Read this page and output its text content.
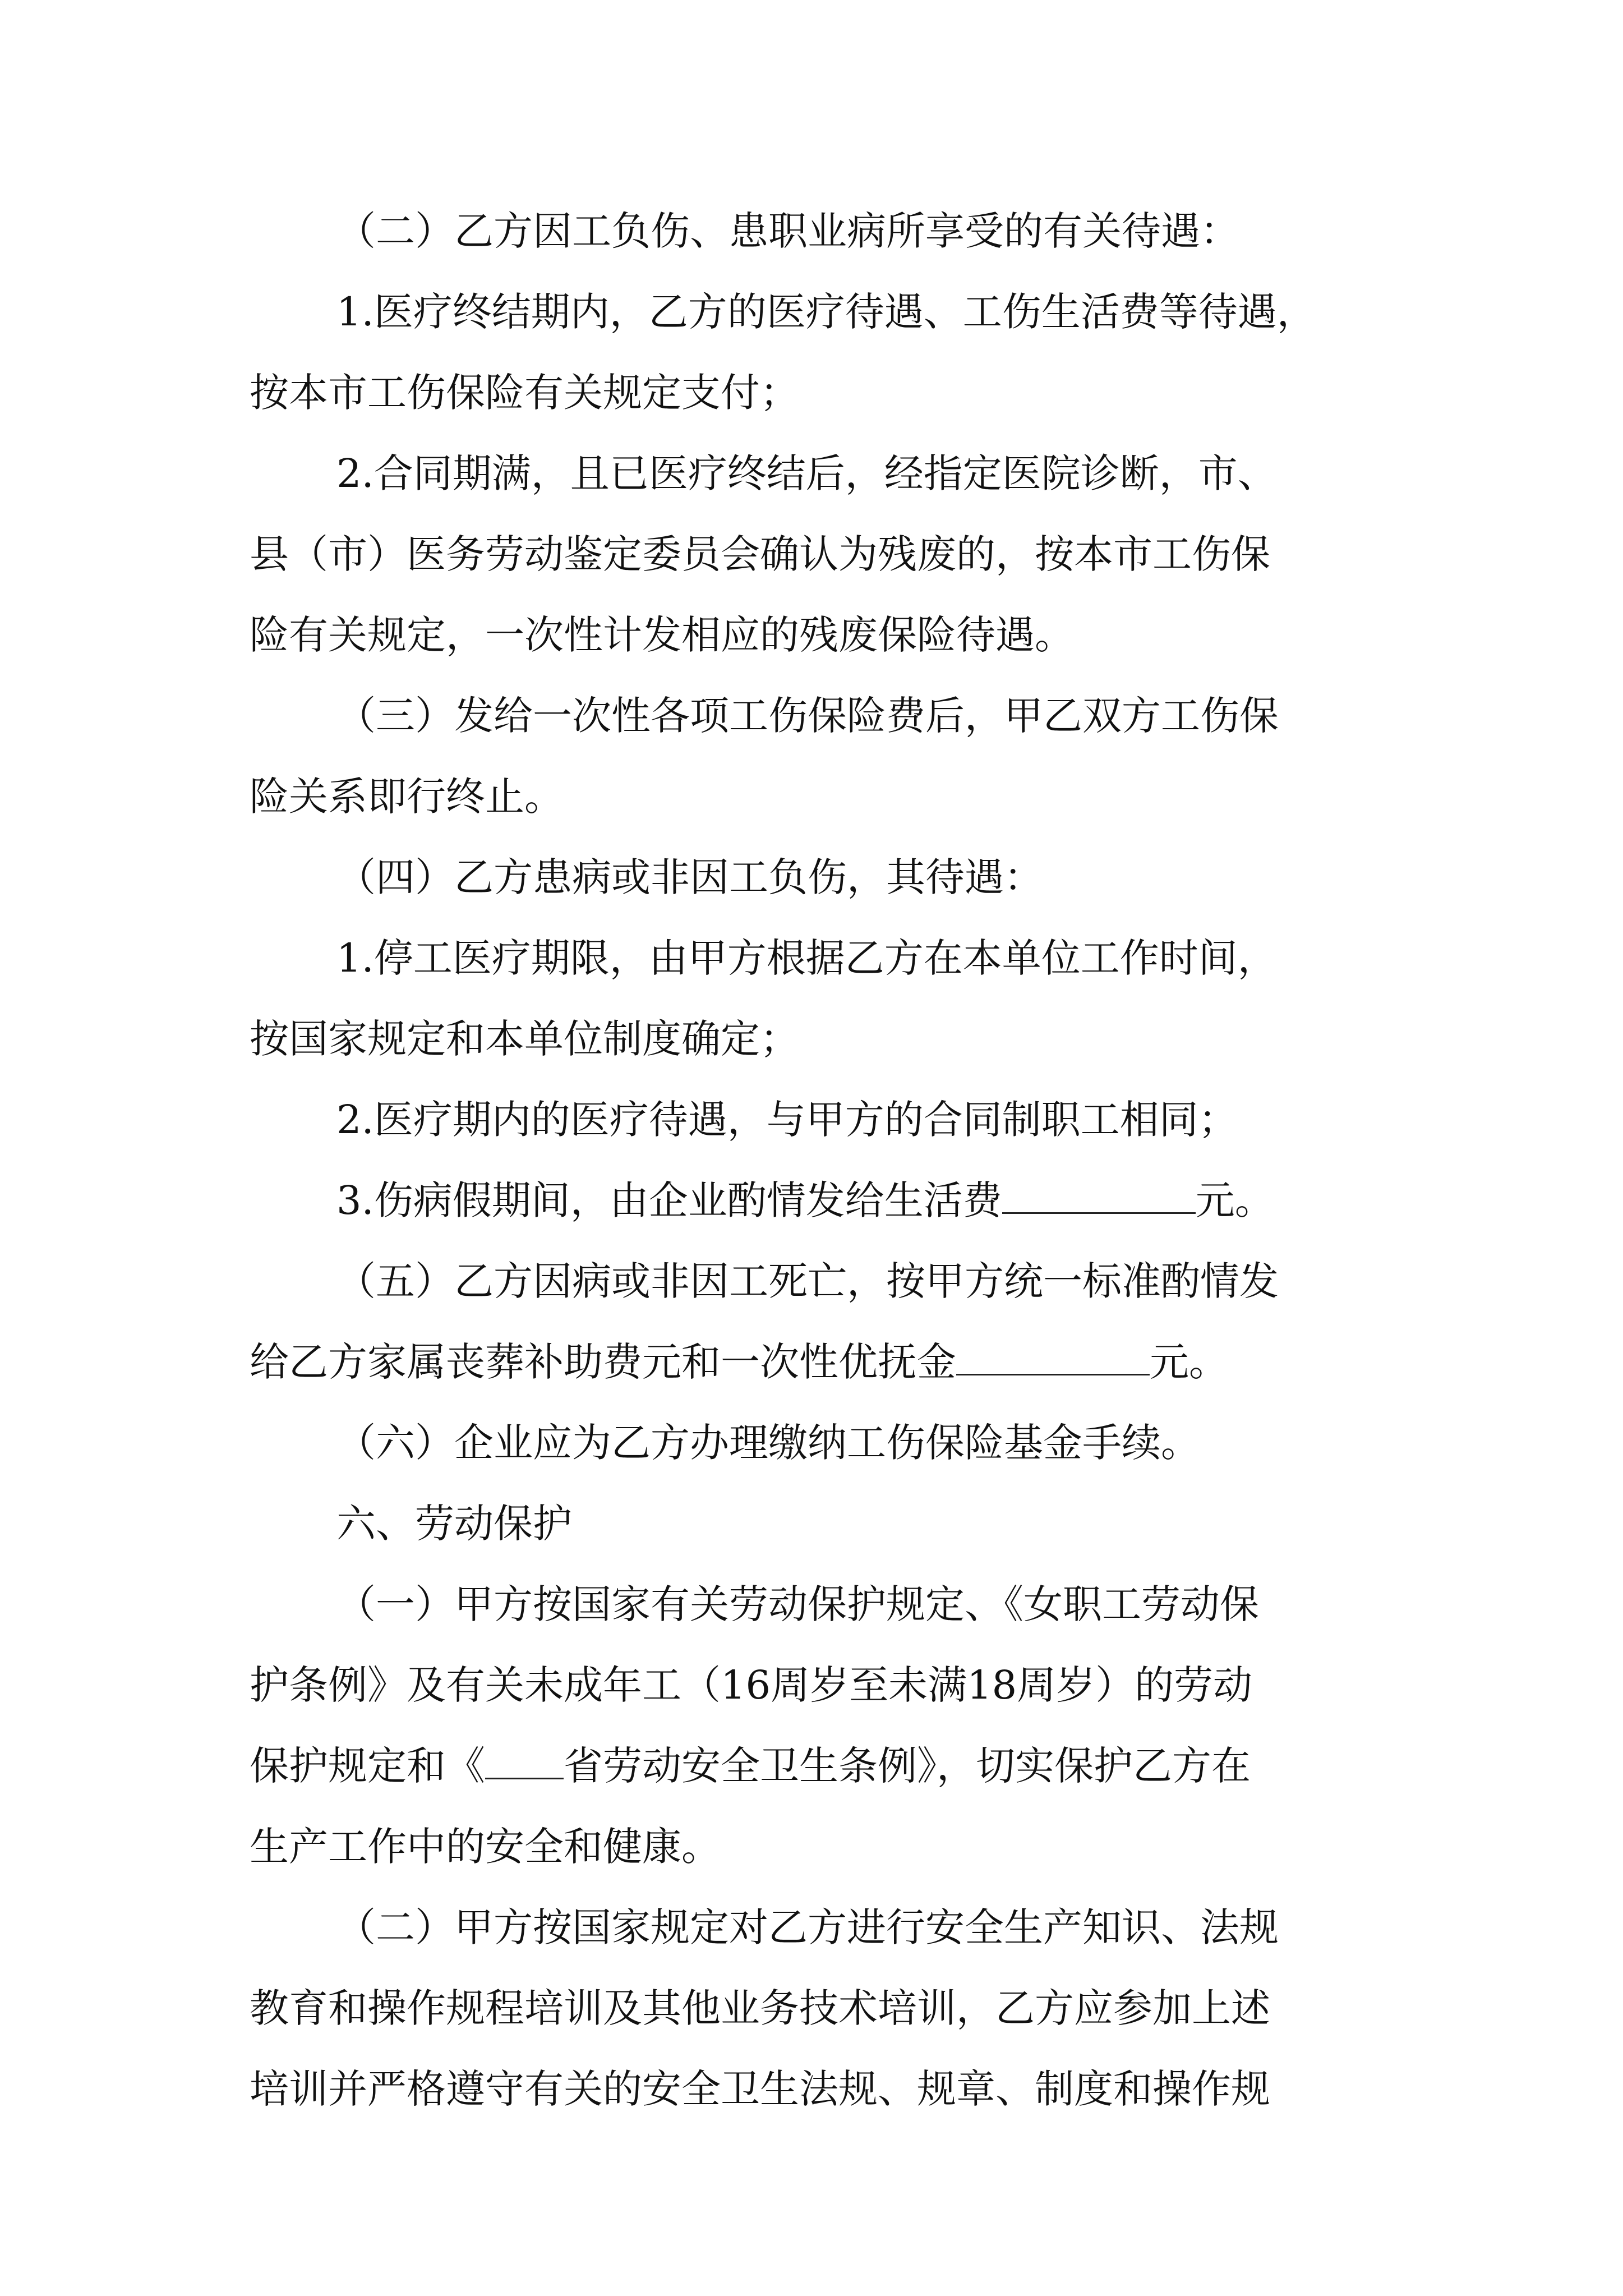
（二）乙方因工负伤、患职业病所享受的有关待遇：

1.医疗终结期内，乙方的医疗待遇、工伤生活费等待遇，

按本市工伤保险有关规定支付；

2.合同期满，且已医疗终结后，经指定医院诊断，市、

县（市）医务劳动鉴定委员会确认为残废的，按本市工伤保

险有关规定，一次性计发相应的残废保险待遇。

（三）发给一次性各项工伤保险费后，甲乙双方工伤保

险关系即行终止。

（四）乙方患病或非因工负伤，其待遇：

1.停工医疗期限，由甲方根据乙方在本单位工作时间，

按国家规定和本单位制度确定；

2.医疗期内的医疗待遇，与甲方的合同制职工相同；

3.伤病假期间，由企业酌情发给生活费	元。

（五）乙方因病或非因工死亡，按甲方统一标准酌情发

给乙方家属丧葬补助费元和一次性优抚金	元。

（六）企业应为乙方办理缴纳工伤保险基金手续。

六、劳动保护

（一）甲方按国家有关劳动保护规定、《女职工劳动保

护条例》及有关未成年工（16周岁至未满18周岁）的劳动

保护规定和《 省劳动安全卫生条例》，切实保护乙方在

生产工作中的安全和健康。

（二）甲方按国家规定对乙方进行安全生产知识、法规

教育和操作规程培训及其他业务技术培训，乙方应参加上述

培训并严格遵守有关的安全卫生法规、规章、制度和操作规
